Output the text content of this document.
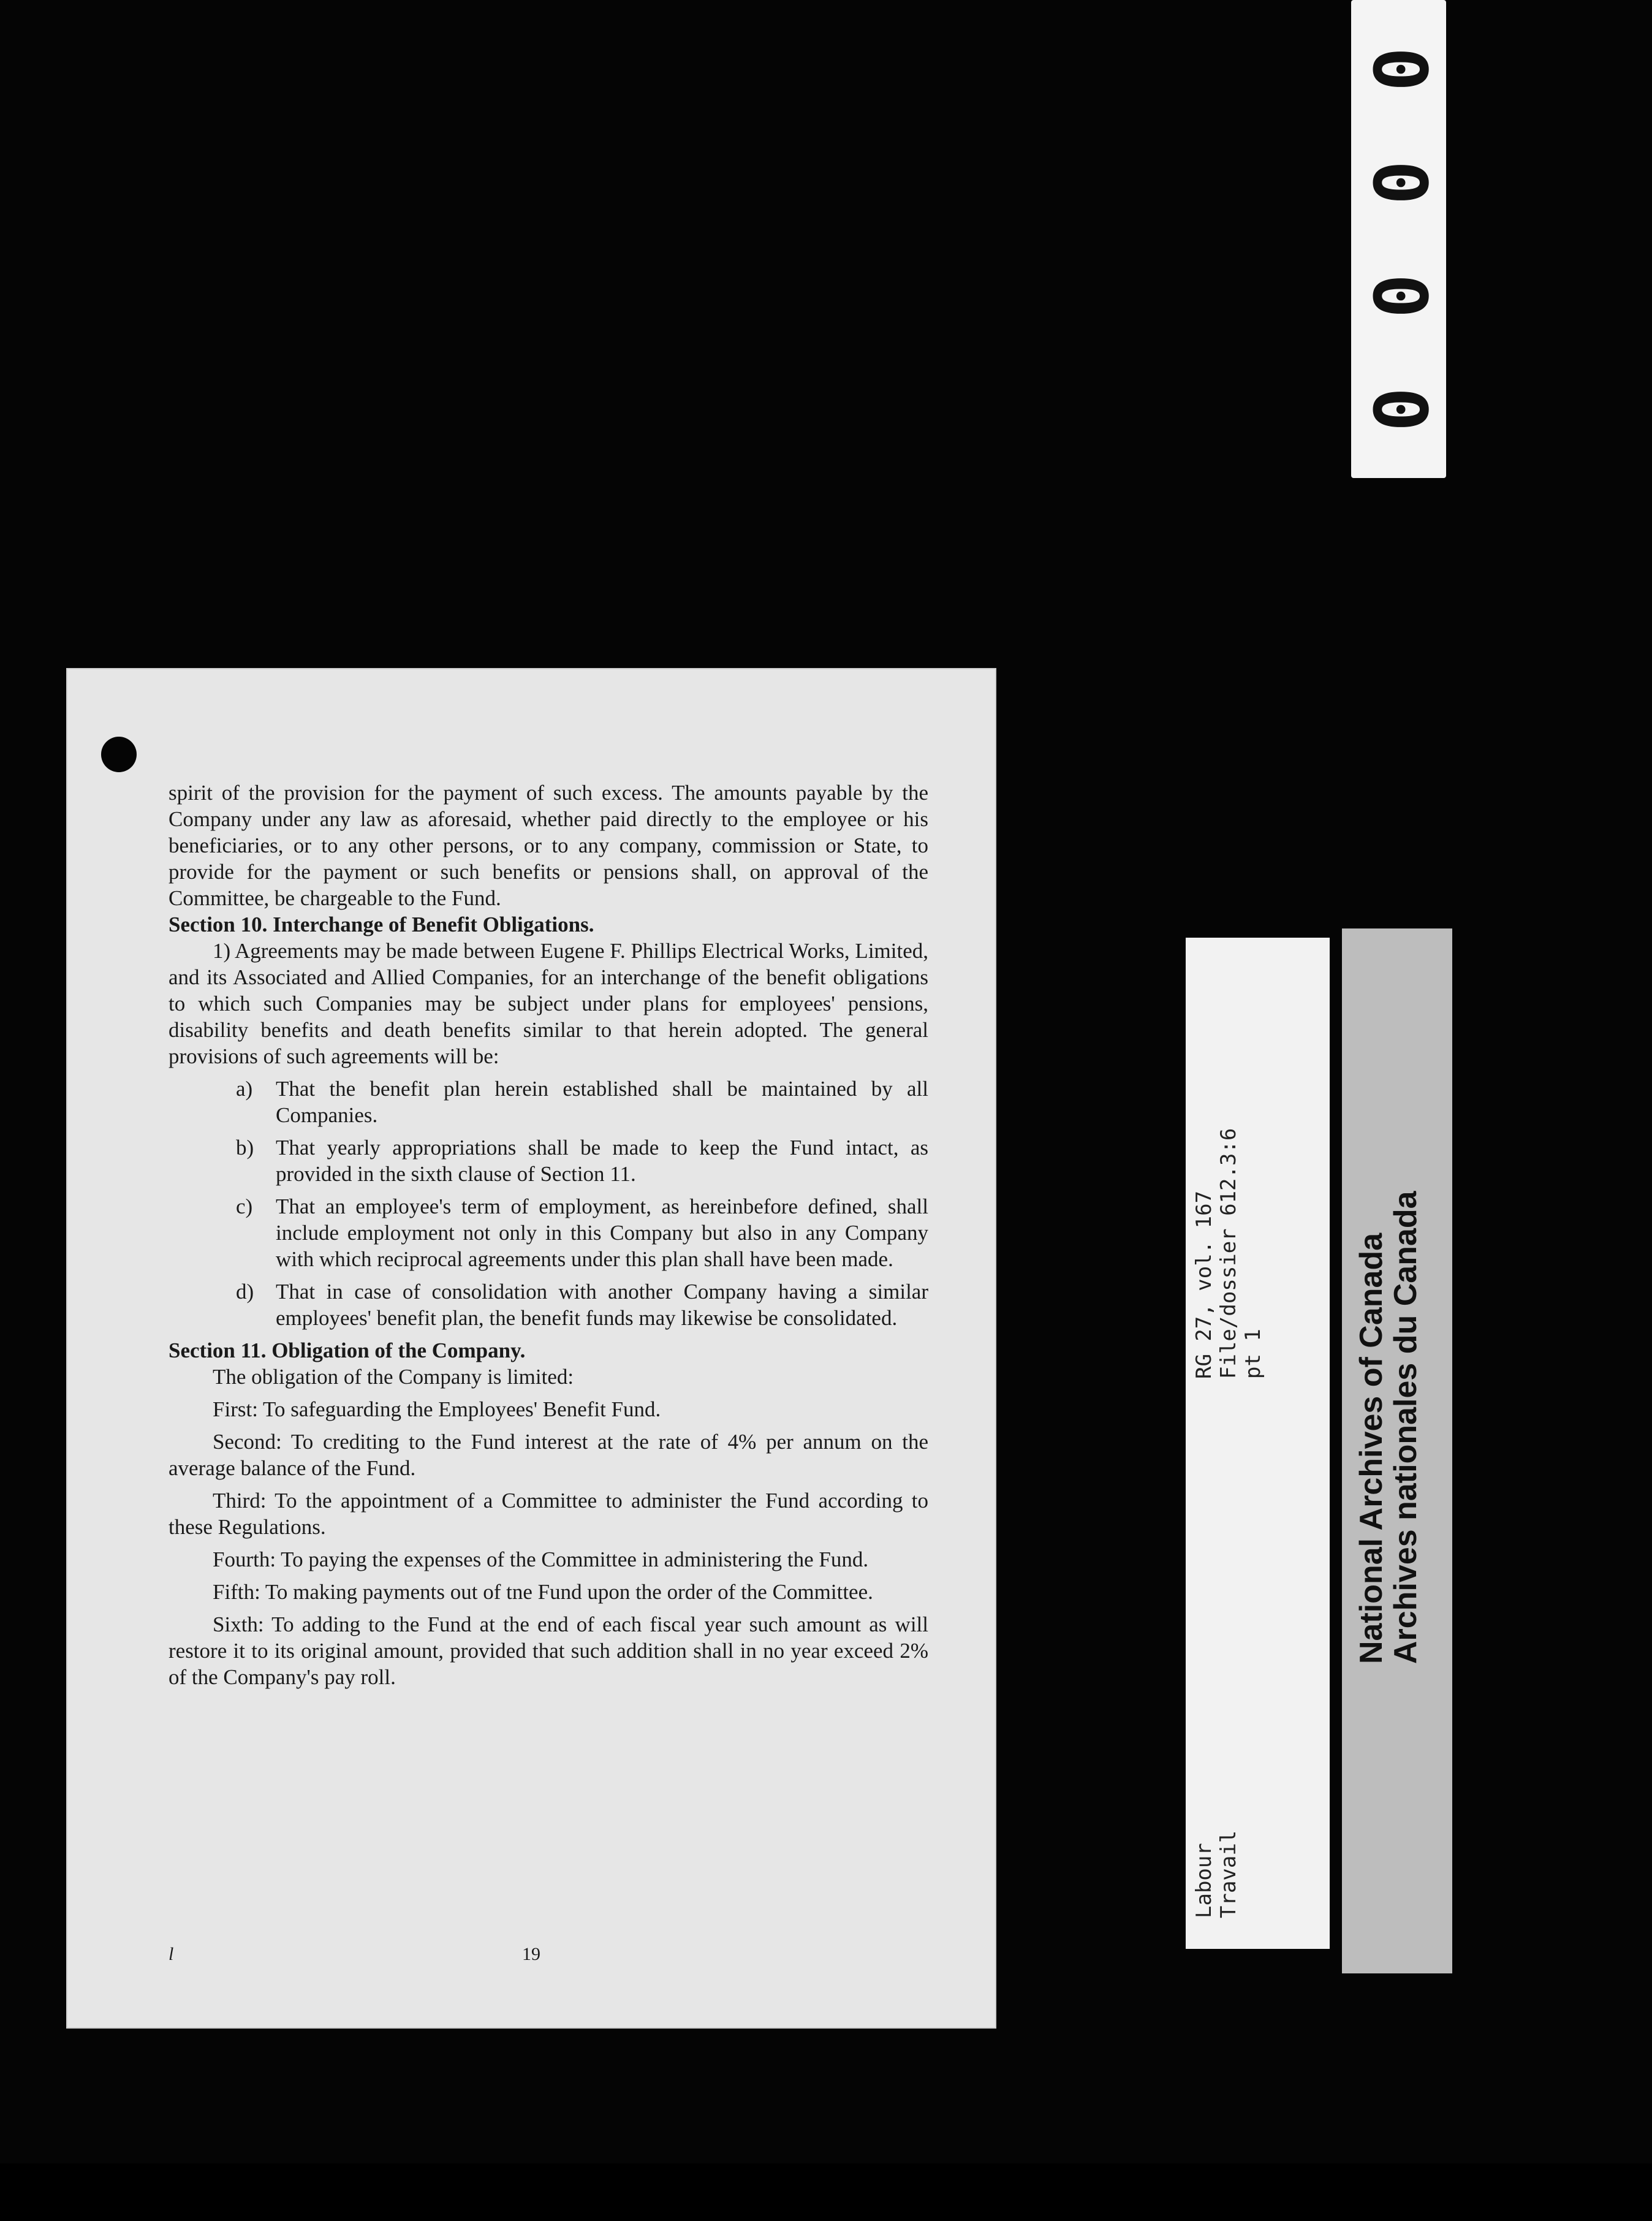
0
0
0
0

spirit of the provision for the payment of such excess. The amounts payable by the Company under any law as aforesaid, whether paid directly to the employee or his beneficiaries, or to any other persons, or to any company, commission or State, to provide for the payment or such benefits or pensions shall, on approval of the Committee, be chargeable to the Fund.

Section 10. Interchange of Benefit Obligations.

1) Agreements may be made between Eugene F. Phillips Electrical Works, Limited, and its Associated and Allied Companies, for an interchange of the benefit obligations to which such Companies may be subject under plans for employees' pensions, disability benefits and death benefits similar to that herein adopted. The general provisions of such agreements will be:

a) That the benefit plan herein established shall be maintained by all Companies.
b) That yearly appropriations shall be made to keep the Fund intact, as provided in the sixth clause of Section 11.
c) That an employee's term of employment, as hereinbefore defined, shall include employment not only in this Company but also in any Company with which reciprocal agreements under this plan shall have been made.
d) That in case of consolidation with another Company having a similar employees' benefit plan, the benefit funds may likewise be consolidated.

Section 11. Obligation of the Company.

The obligation of the Company is limited:

First: To safeguarding the Employees' Benefit Fund.

Second: To crediting to the Fund interest at the rate of 4% per annum on the average balance of the Fund.

Third: To the appointment of a Committee to administer the Fund according to these Regulations.

Fourth: To paying the expenses of the Committee in administering the Fund.

Fifth: To making payments out of tne Fund upon the order of the Committee.

Sixth: To adding to the Fund at the end of each fiscal year such amount as will restore it to its original amount, provided that such addition shall in no year exceed 2% of the Company's pay roll.

l	19
RG 27, vol. 167 File/dossier 612.3:6 pt 1
Labour Travail
National Archives of Canada
Archives nationales du Canada
